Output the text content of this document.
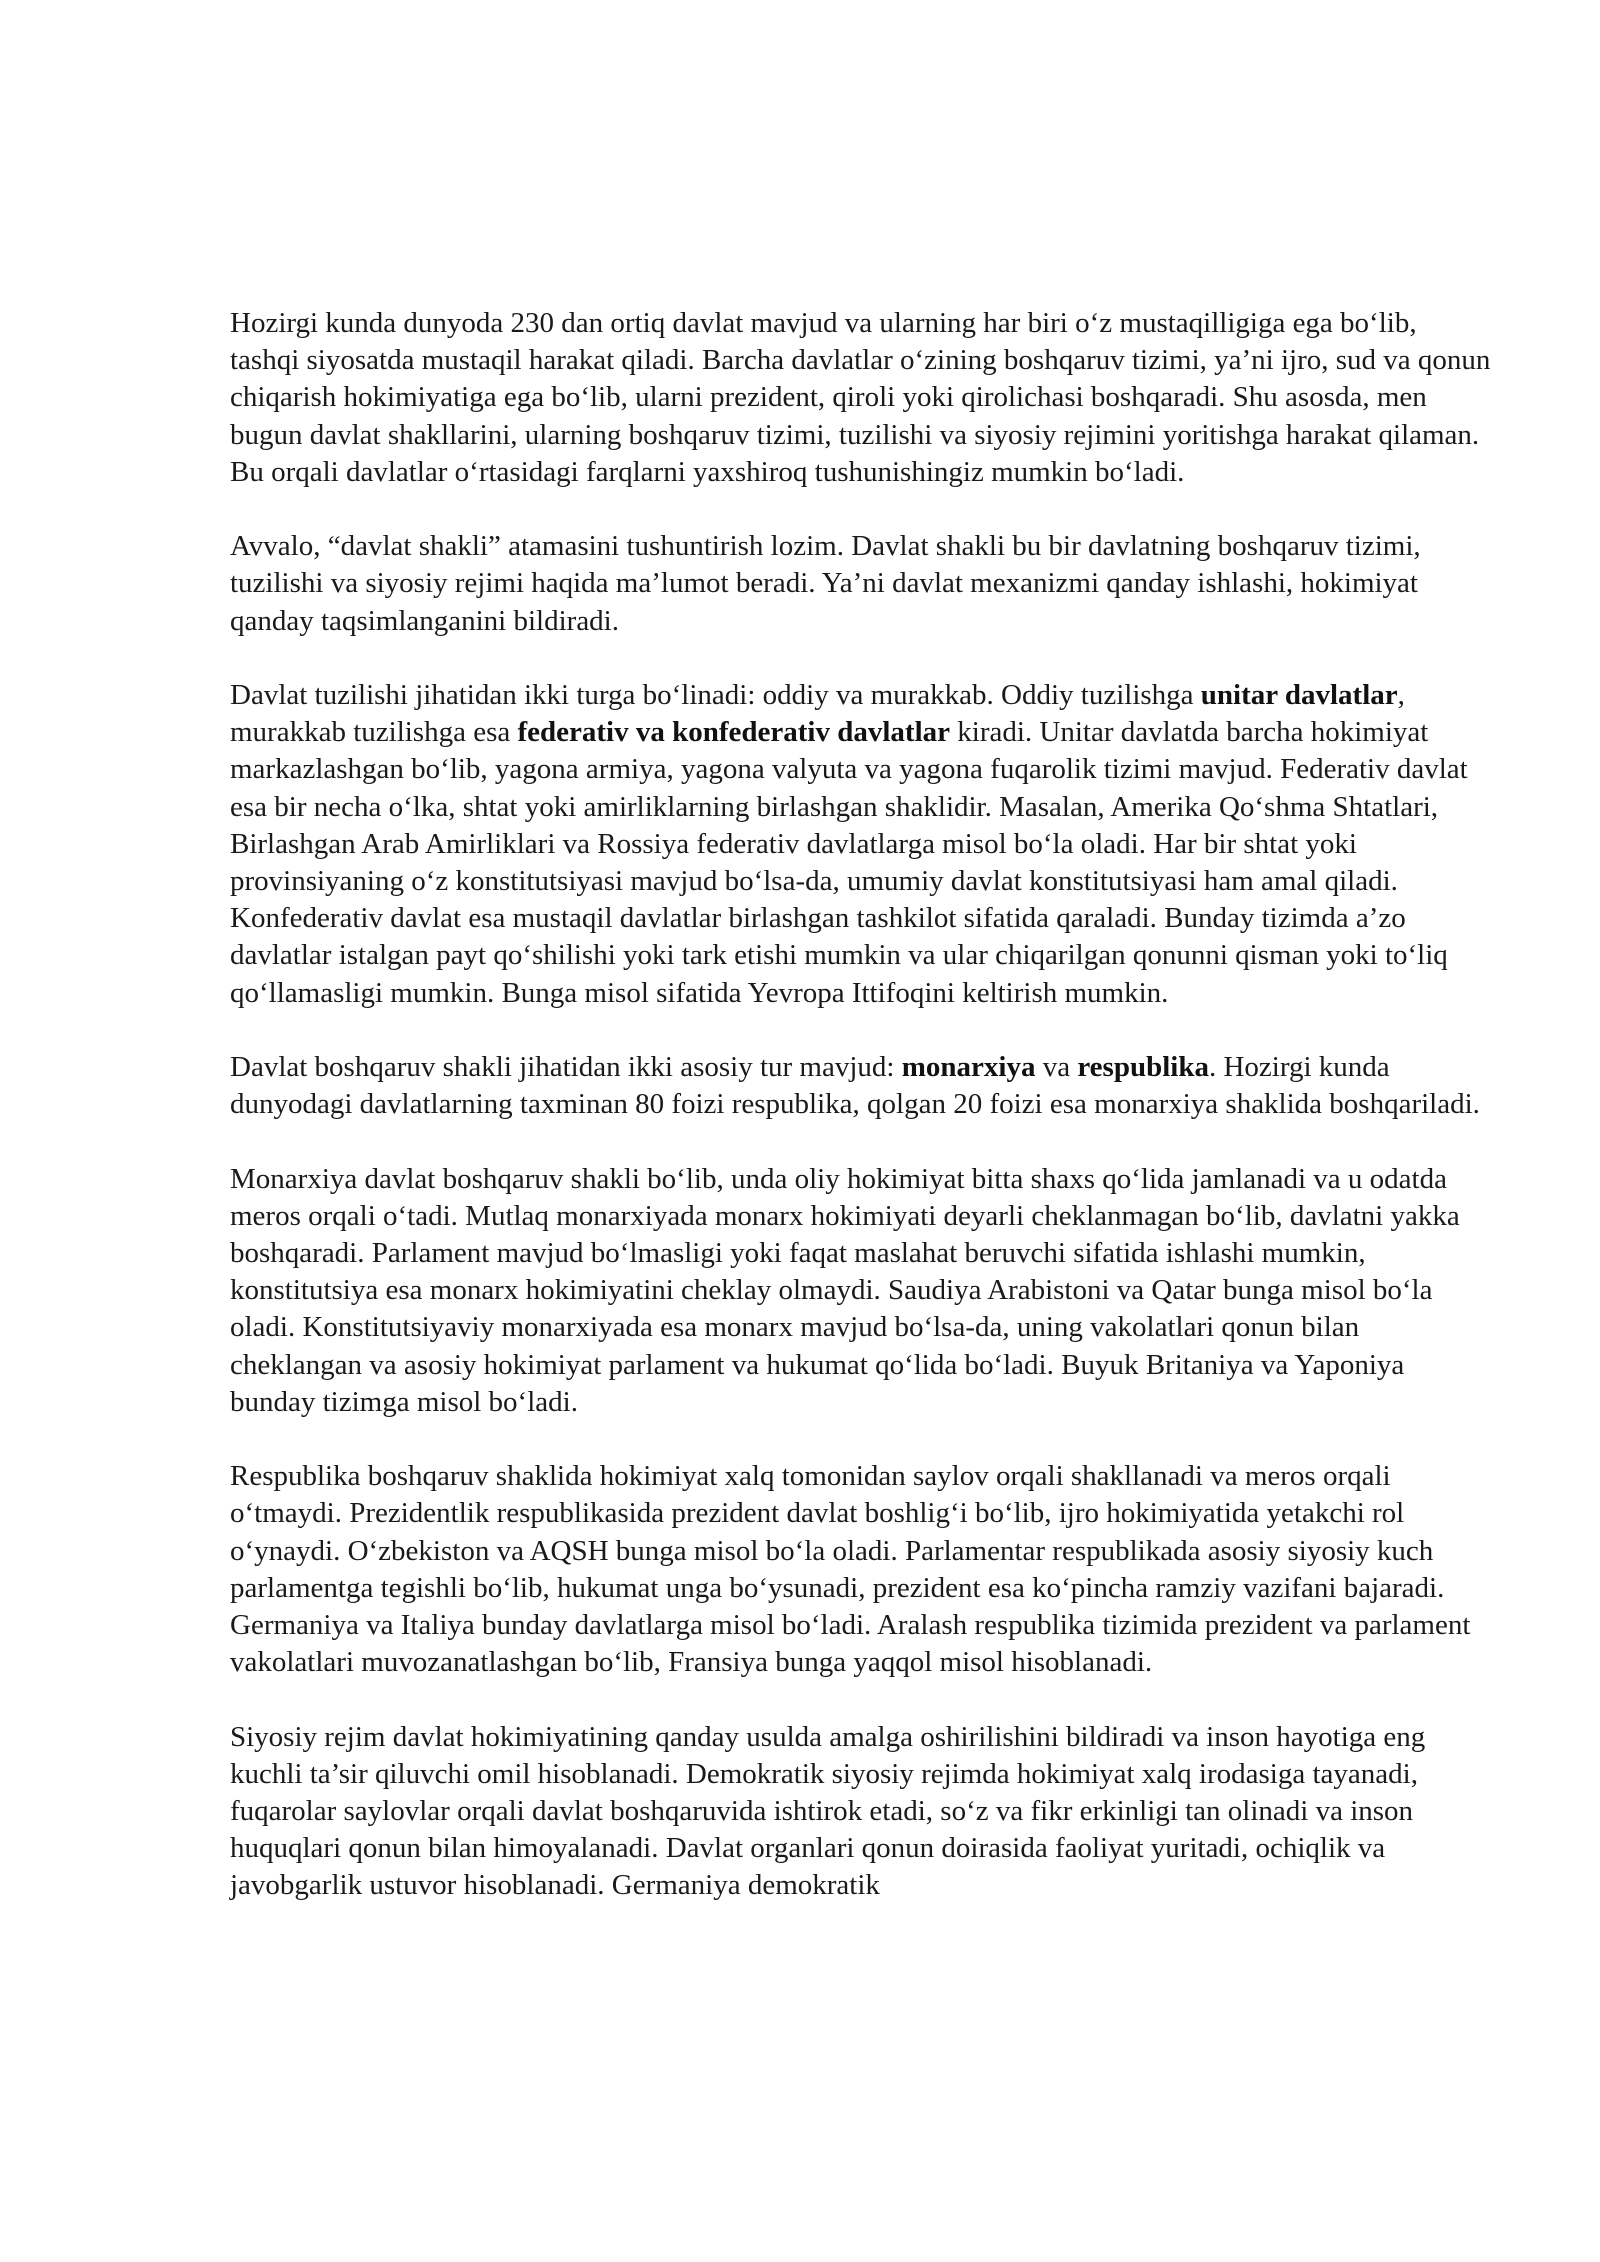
Hozirgi kunda dunyoda 230 dan ortiq davlat mavjud va ularning har biri o‘z mustaqilligiga ega bo‘lib, tashqi siyosatda mustaqil harakat qiladi. Barcha davlatlar o‘zining boshqaruv tizimi, ya’ni ijro, sud va qonun chiqarish hokimiyatiga ega bo‘lib, ularni prezident, qiroli yoki qirolichasi boshqaradi. Shu asosda, men bugun davlat shakllarini, ularning boshqaruv tizimi, tuzilishi va siyosiy rejimini yoritishga harakat qilaman. Bu orqali davlatlar o‘rtasidagi farqlarni yaxshiroq tushunishingiz mumkin bo‘ladi.

Avvalo, “davlat shakli” atamasini tushuntirish lozim. Davlat shakli bu bir davlatning boshqaruv tizimi, tuzilishi va siyosiy rejimi haqida ma’lumot beradi. Ya’ni davlat mexanizmi qanday ishlashi, hokimiyat qanday taqsimlanganini bildiradi.

Davlat tuzilishi jihatidan ikki turga bo‘linadi: oddiy va murakkab. Oddiy tuzilishga unitar davlatlar, murakkab tuzilishga esa federativ va konfederativ davlatlar kiradi. Unitar davlatda barcha hokimiyat markazlashgan bo‘lib, yagona armiya, yagona valyuta va yagona fuqarolik tizimi mavjud. Federativ davlat esa bir necha o‘lka, shtat yoki amirliklarning birlashgan shaklidir. Masalan, Amerika Qo‘shma Shtatlari, Birlashgan Arab Amirliklari va Rossiya federativ davlatlarga misol bo‘la oladi. Har bir shtat yoki provinsiyaning o‘z konstitutsiyasi mavjud bo‘lsa-da, umumiy davlat konstitutsiyasi ham amal qiladi. Konfederativ davlat esa mustaqil davlatlar birlashgan tashkilot sifatida qaraladi. Bunday tizimda a’zo davlatlar istalgan payt qo‘shilishi yoki tark etishi mumkin va ular chiqarilgan qonunni qisman yoki to‘liq qo‘llamasligi mumkin. Bunga misol sifatida Yevropa Ittifoqini keltirish mumkin.

Davlat boshqaruv shakli jihatidan ikki asosiy tur mavjud: monarxiya va respublika. Hozirgi kunda dunyodagi davlatlarning taxminan 80 foizi respublika, qolgan 20 foizi esa monarxiya shaklida boshqariladi.

Monarxiya davlat boshqaruv shakli bo‘lib, unda oliy hokimiyat bitta shaxs qo‘lida jamlanadi va u odatda meros orqali o‘tadi. Mutlaq monarxiyada monarx hokimiyati deyarli cheklanmagan bo‘lib, davlatni yakka boshqaradi. Parlament mavjud bo‘lmasligi yoki faqat maslahat beruvchi sifatida ishlashi mumkin, konstitutsiya esa monarx hokimiyatini cheklay olmaydi. Saudiya Arabistoni va Qatar bunga misol bo‘la oladi. Konstitutsiyaviy monarxiyada esa monarx mavjud bo‘lsa-da, uning vakolatlari qonun bilan cheklangan va asosiy hokimiyat parlament va hukumat qo‘lida bo‘ladi. Buyuk Britaniya va Yaponiya bunday tizimga misol bo‘ladi.

Respublika boshqaruv shaklida hokimiyat xalq tomonidan saylov orqali shakllanadi va meros orqali o‘tmaydi. Prezidentlik respublikasida prezident davlat boshlig‘i bo‘lib, ijro hokimiyatida yetakchi rol o‘ynaydi. O‘zbekiston va AQSH bunga misol bo‘la oladi. Parlamentar respublikada asosiy siyosiy kuch parlamentga tegishli bo‘lib, hukumat unga bo‘ysunadi, prezident esa ko‘pincha ramziy vazifani bajaradi. Germaniya va Italiya bunday davlatlarga misol bo‘ladi. Aralash respublika tizimida prezident va parlament vakolatlari muvozanatlashgan bo‘lib, Fransiya bunga yaqqol misol hisoblanadi.

Siyosiy rejim davlat hokimiyatining qanday usulda amalga oshirilishini bildiradi va inson hayotiga eng kuchli ta’sir qiluvchi omil hisoblanadi. Demokratik siyosiy rejimda hokimiyat xalq irodasiga tayanadi, fuqarolar saylovlar orqali davlat boshqaruvida ishtirok etadi, so‘z va fikr erkinligi tan olinadi va inson huquqlari qonun bilan himoyalanadi. Davlat organlari qonun doirasida faoliyat yuritadi, ochiqlik va javobgarlik ustuvor hisoblanadi. Germaniya demokratik
